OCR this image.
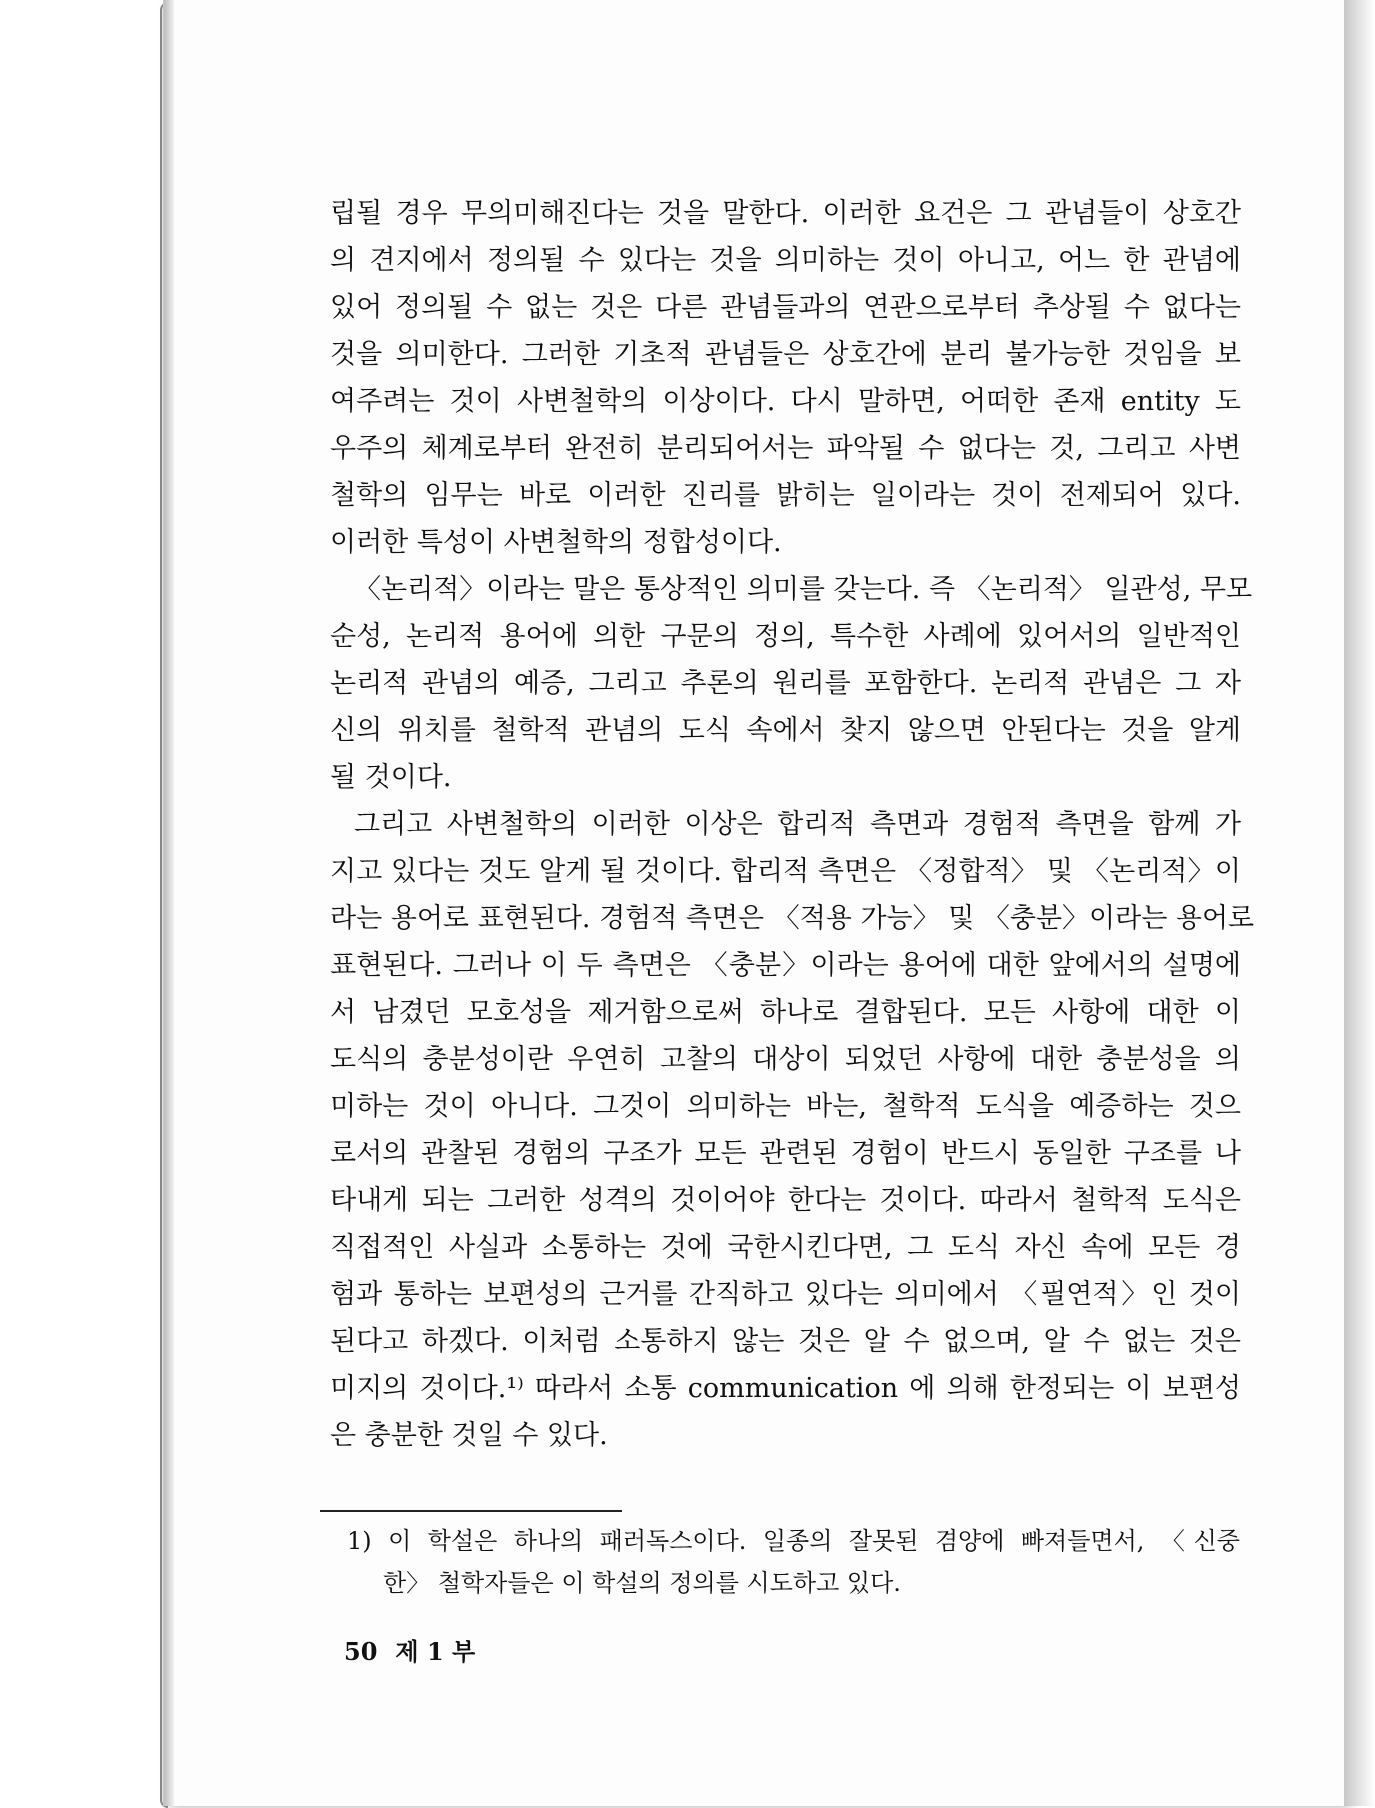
립될 경우 무의미해진다는 것을 말한다. 이러한 요건은 그 관념들이 상호간
의 견지에서 정의될 수 있다는 것을 의미하는 것이 아니고, 어느 한 관념에
있어 정의될 수 없는 것은 다른 관념들과의 연관으로부터 추상될 수 없다는
것을 의미한다. 그러한 기초적 관념들은 상호간에 분리 불가능한 것임을 보
여주려는 것이 사변철학의 이상이다. 다시 말하면, 어떠한 존재 entity 도
우주의 체계로부터 완전히 분리되어서는 파악될 수 없다는 것, 그리고 사변
철학의 임무는 바로 이러한 진리를 밝히는 일이라는 것이 전제되어 있다.
이러한 특성이 사변철학의 정합성이다.
〈논리적〉이라는 말은 통상적인 의미를 갖는다. 즉 〈논리적〉 일관성, 무모
순성, 논리적 용어에 의한 구문의 정의, 특수한 사례에 있어서의 일반적인
논리적 관념의 예증, 그리고 추론의 원리를 포함한다. 논리적 관념은 그 자
신의 위치를 철학적 관념의 도식 속에서 찾지 않으면 안된다는 것을 알게
될 것이다.
그리고 사변철학의 이러한 이상은 합리적 측면과 경험적 측면을 함께 가
지고 있다는 것도 알게 될 것이다. 합리적 측면은 〈정합적〉 및 〈논리적〉이
라는 용어로 표현된다. 경험적 측면은 〈적용 가능〉 및 〈충분〉이라는 용어로
표현된다. 그러나 이 두 측면은 〈충분〉이라는 용어에 대한 앞에서의 설명에
서 남겼던 모호성을 제거함으로써 하나로 결합된다. 모든 사항에 대한 이
도식의 충분성이란 우연히 고찰의 대상이 되었던 사항에 대한 충분성을 의
미하는 것이 아니다. 그것이 의미하는 바는, 철학적 도식을 예증하는 것으
로서의 관찰된 경험의 구조가 모든 관련된 경험이 반드시 동일한 구조를 나
타내게 되는 그러한 성격의 것이어야 한다는 것이다. 따라서 철학적 도식은
직접적인 사실과 소통하는 것에 국한시킨다면, 그 도식 자신 속에 모든 경
험과 통하는 보편성의 근거를 간직하고 있다는 의미에서 〈필연적〉인 것이
된다고 하겠다. 이처럼 소통하지 않는 것은 알 수 없으며, 알 수 없는 것은
미지의 것이다.¹⁾ 따라서 소통 communication 에 의해 한정되는 이 보편성
은 충분한 것일 수 있다.
1) 이 학설은 하나의 패러독스이다. 일종의 잘못된 겸양에 빠져들면서, 〈신중
한〉 철학자들은 이 학설의 정의를 시도하고 있다.
50 제 1 부
